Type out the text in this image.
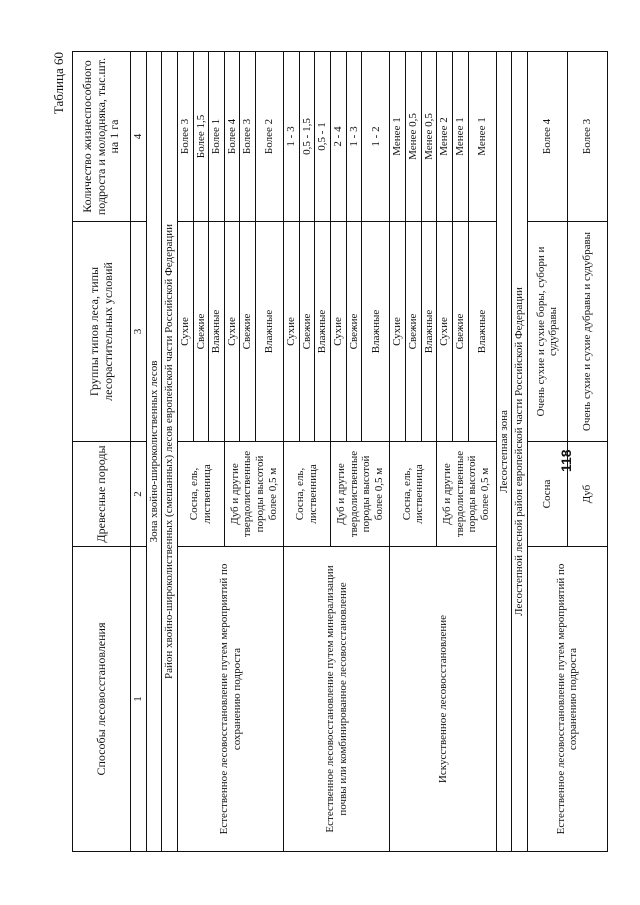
Таблица 60
Способы лесовосстановления	Древесные породы	Группы типов леса, типы лесорастительных условий	Количество жизнеспособного подроста и молодняка, тыс.шт. на 1 га
1	2	3	4
Зона хвойно-широколиственных лесов			
Район хвойно-широколиственных (смешанных) лесов европейской части Российской Федерации			
Естественное лесовосстановление путем мероприятий по сохранению подроста	Сосна, ель, лиственница	Сухие	Более 3
		Свежие	Более 1,5
		Влажные	Более 1
	Дуб и другие твердолиственные породы высотой более 0,5 м	Сухие	Более 4
		Свежие	Более 3
		Влажные	Более 2
Естественное лесовосстановление путем минерализации почвы или комбинированное лесовосстановление	Сосна, ель, лиственница	Сухие	1 - 3
		Свежие	0,5 - 1,5
		Влажные	0,5 - 1
	Дуб и другие твердолиственные породы высотой более 0,5 м	Сухие	2 - 4
		Свежие	1 - 3
		Влажные	1 - 2
Искусственное лесовосстановление	Сосна, ель, лиственница	Сухие	Менее 1
		Свежие	Менее 0,5
		Влажные	Менее 0,5
	Дуб и другие твердолиственные породы высотой более 0,5 м	Сухие	Менее 2
		Свежие	Менее 1
		Влажные	Менее 1
Лесостепная зона			
Лесостепной лесной район европейской части Российской Федерации			
Естественное лесовосстановление путем мероприятий по сохранению подроста	Сосна	Очень сухие и сухие боры, субори и судубравы	Более 4
	Дуб	Очень сухие и сухие дубравы и судубравы	Более 3
118
